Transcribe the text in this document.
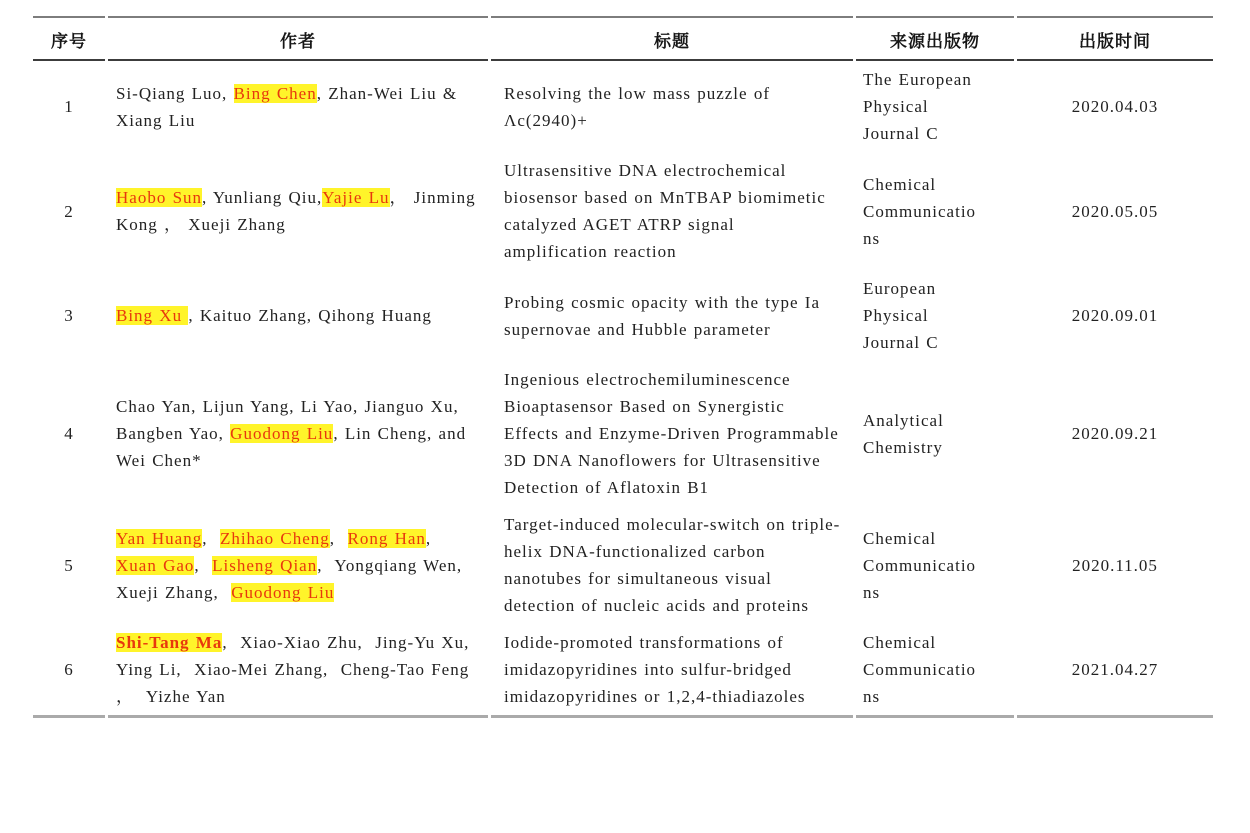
序号	作者	标题	来源出版物	出版时间
1	Si-Qiang Luo, Bing Chen, Zhan-Wei Liu & Xiang Liu	Resolving the low mass puzzle of Λc(2940)+	The European Physical Journal C	2020.04.03
2	Haobo Sun, Yunliang Qiu,Yajie Lu， Jinming Kong ， Xueji Zhang	Ultrasensitive DNA electrochemical biosensor based on MnTBAP biomimetic catalyzed AGET ATRP signal amplification reaction	Chemical Communications	2020.05.05
3	Bing Xu , Kaituo Zhang, Qihong Huang	Probing cosmic opacity with the type Ia supernovae and Hubble parameter	European Physical Journal C	2020.09.01
4	Chao Yan, Lijun Yang, Li Yao, Jianguo Xu, Bangben Yao, Guodong Liu, Lin Cheng, and Wei Chen*	Ingenious electrochemiluminescence Bioaptasensor Based on Synergistic Effects and Enzyme-Driven Programmable 3D DNA Nanoflowers for Ultrasensitive Detection of Aflatoxin B1	Analytical Chemistry	2020.09.21
5	Yan Huang,  Zhihao Cheng,  Rong Han,  Xuan Gao,  Lisheng Qian,  Yongqiang Wen,  Xueji Zhang,  Guodong Liu	Target-induced molecular-switch on triple-helix DNA-functionalized carbon nanotubes for simultaneous visual detection of nucleic acids and proteins	Chemical Communications	2020.11.05
6	Shi-Tang Ma,  Xiao-Xiao Zhu,  Jing-Yu Xu, Ying Li,  Xiao-Mei Zhang,  Cheng-Tao Feng ，  Yizhe Yan	Iodide-promoted transformations of imidazopyridines into sulfur-bridged imidazopyridines or 1,2,4-thiadiazoles	Chemical Communications	2021.04.27
